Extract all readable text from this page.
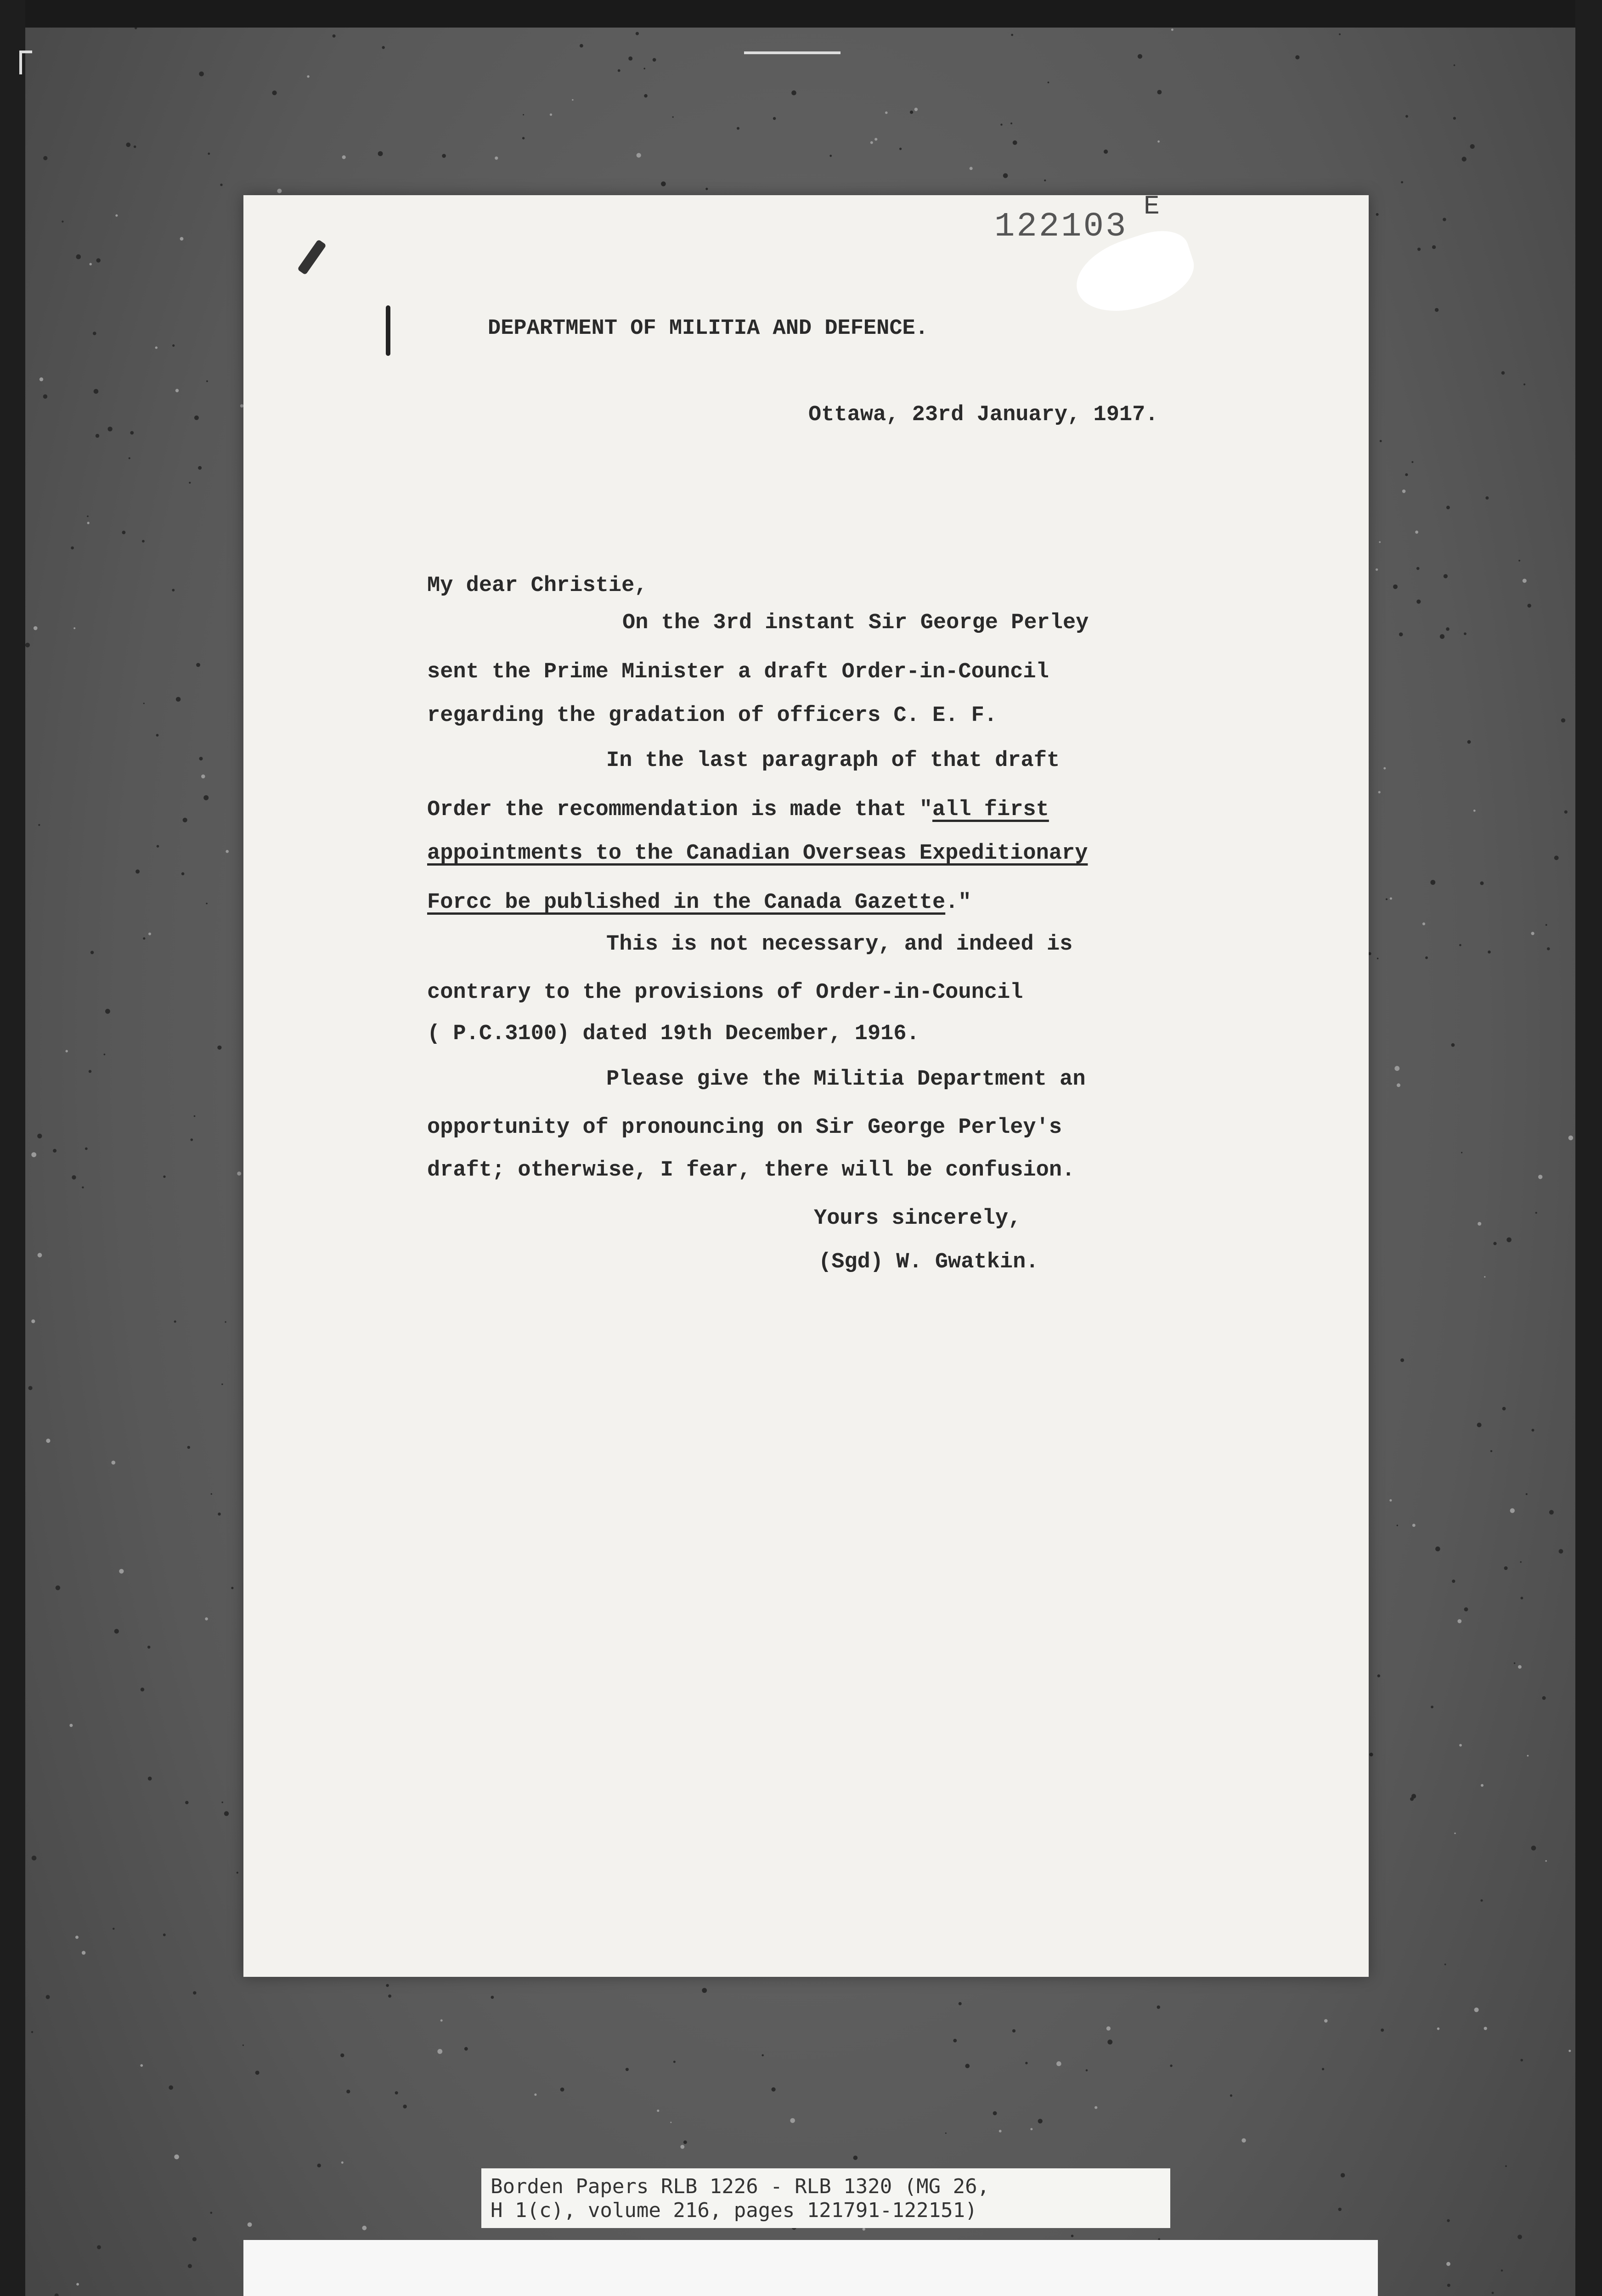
122103
E
DEPARTMENT OF MILITIA AND DEFENCE.
Ottawa, 23rd January, 1917.
My dear Christie,
On the 3rd instant Sir George Perley
sent the Prime Minister a draft Order-in-Council
regarding the gradation of officers C. E. F.
In the last paragraph of that draft
Order the recommendation is made that "all first
appointments to the Canadian Overseas Expeditionary
Forcc be published in the Canada Gazette."
This is not necessary, and indeed is
contrary to the provisions of Order-in-Council
( P.C.3100) dated 19th December, 1916.
Please give the Militia Department an
opportunity of pronouncing on Sir George Perley's
draft; otherwise, I fear, there will be confusion.
Yours sincerely,
(Sgd) W. Gwatkin.
Borden Papers RLB 1226 - RLB 1320 (MG 26,
H 1(c), volume 216, pages 121791-122151)
